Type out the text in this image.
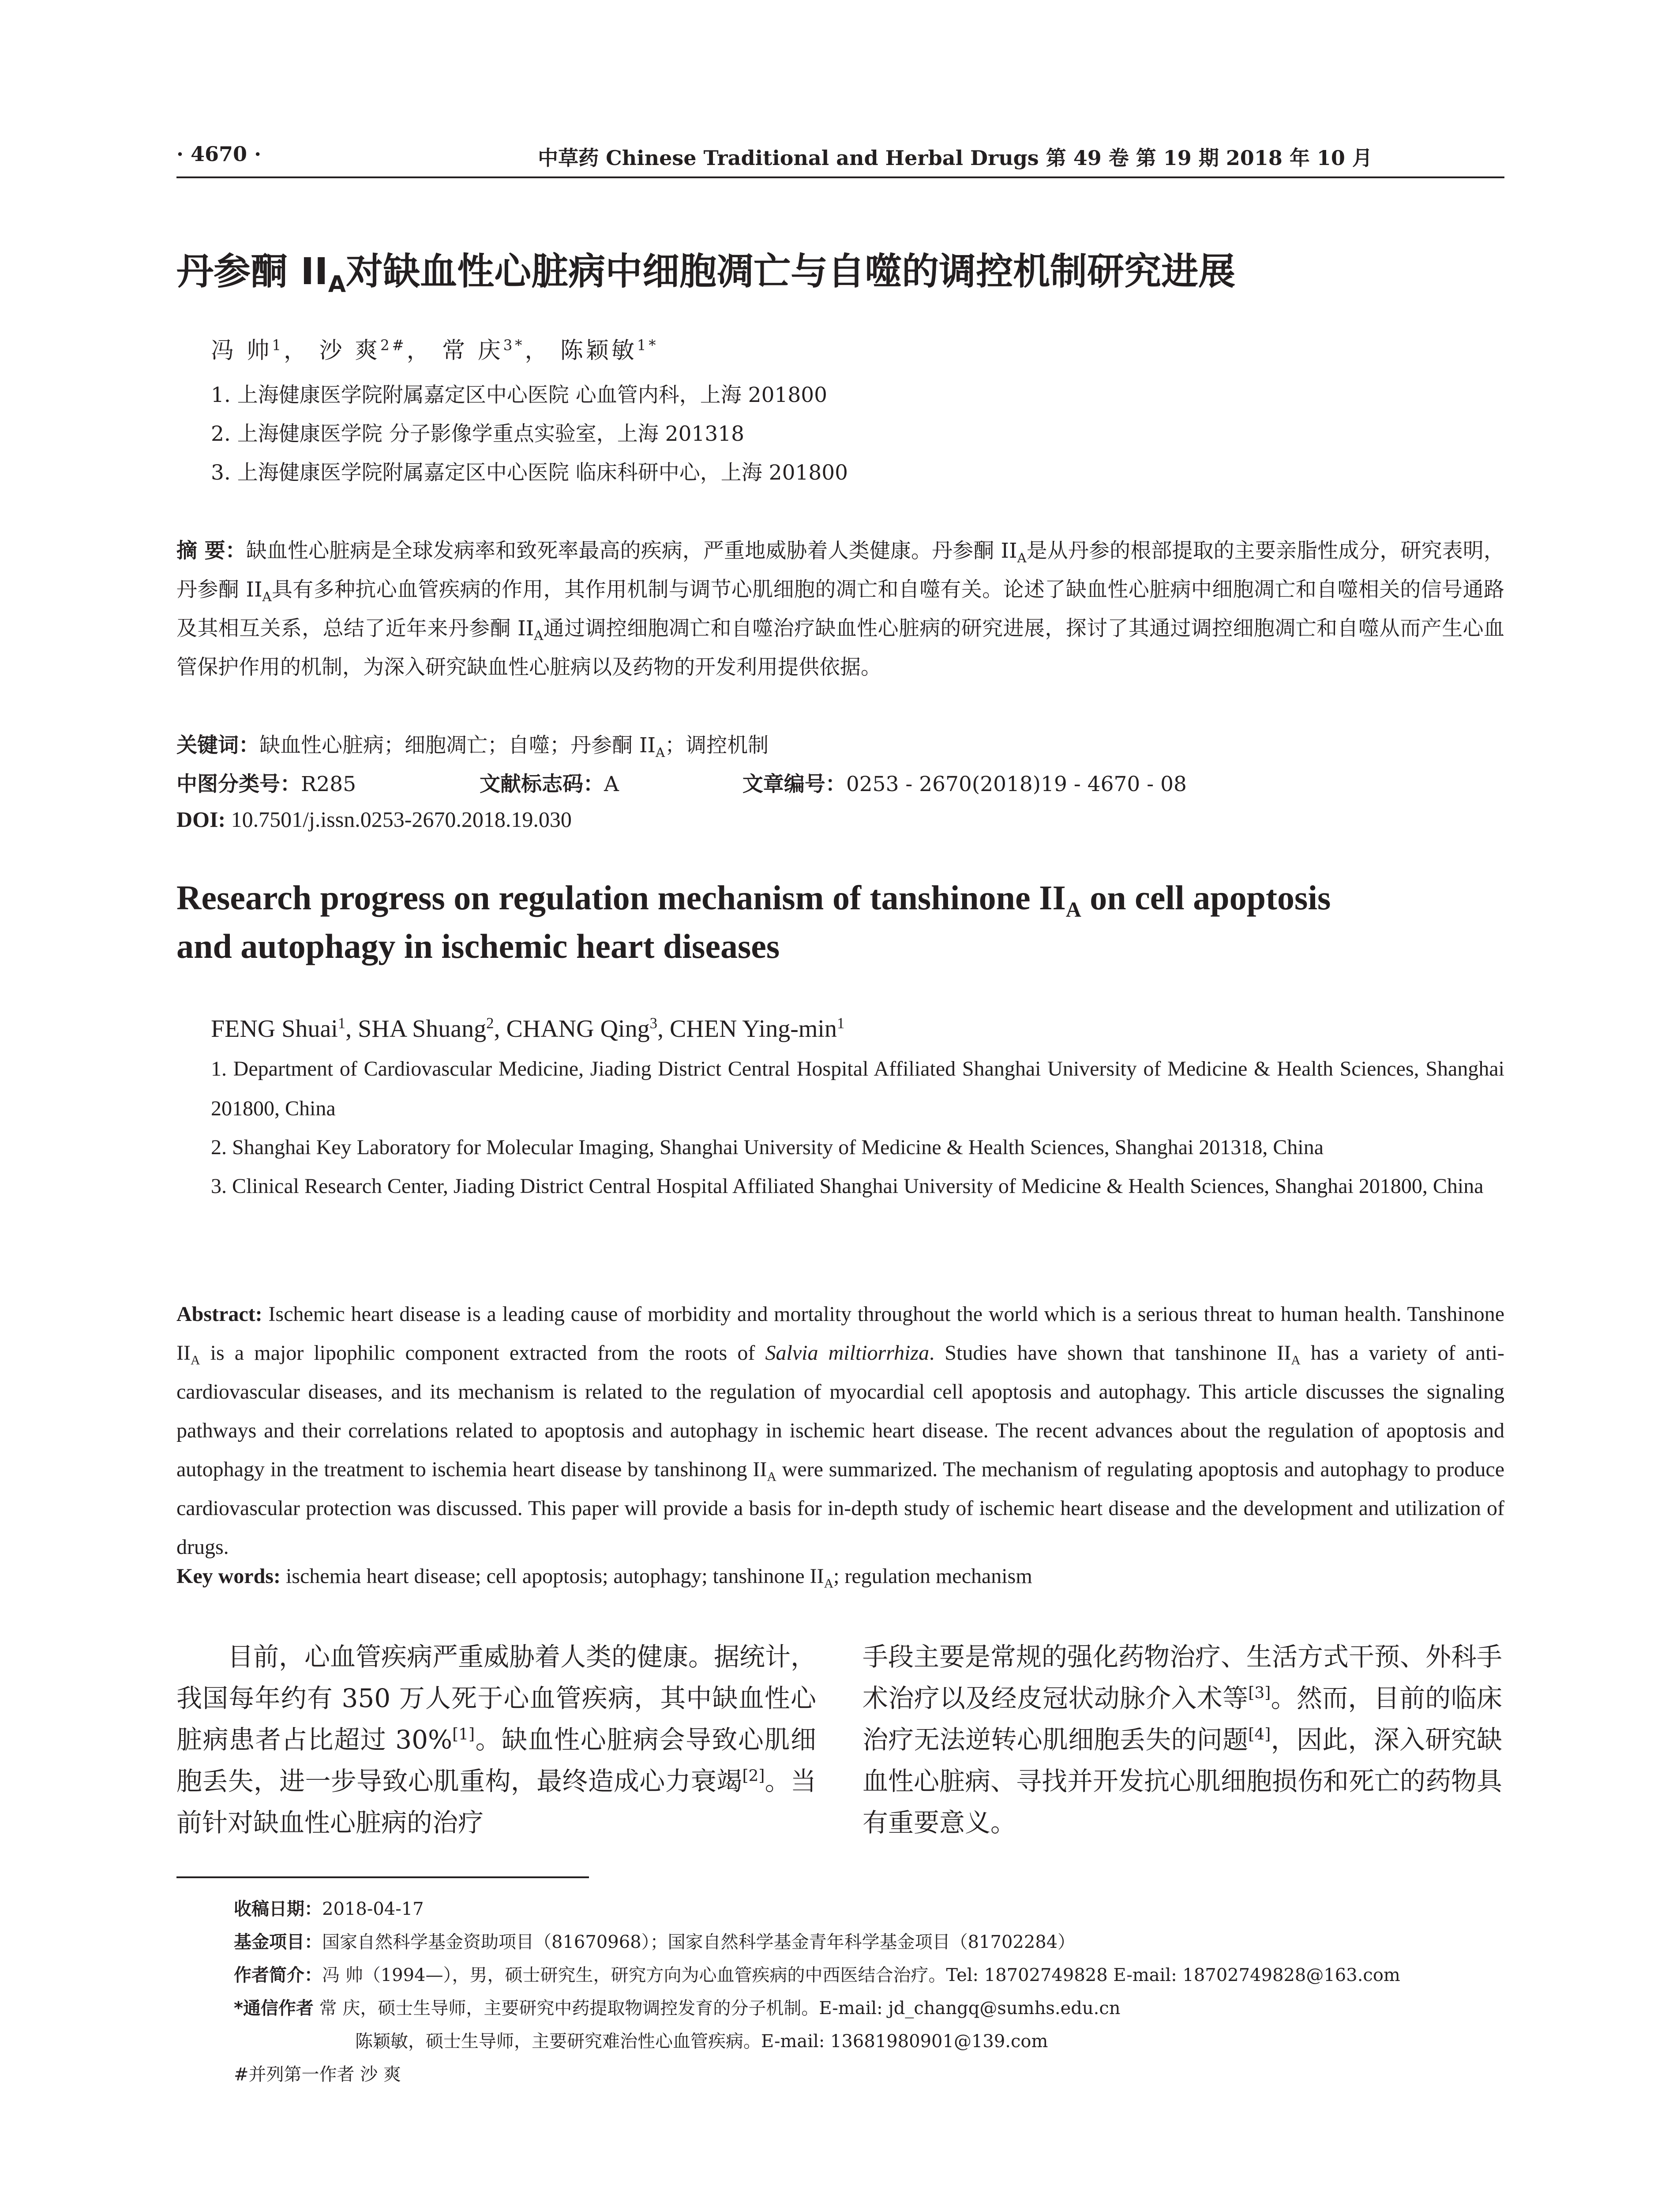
· 4670 ·	中草药 Chinese Traditional and Herbal Drugs 第 49 卷 第 19 期 2018 年 10 月
丹参酮 $II_A$对缺血性心脏病中细胞凋亡与自噬的调控机制研究进展
冯 帅$^1$， 沙 爽$^{2\#}$， 常 庆$^{3*}$， 陈颖敏$^{1*}$
1. 上海健康医学院附属嘉定区中心医院 心血管内科，上海 201800
2. 上海健康医学院 分子影像学重点实验室，上海 201318
3. 上海健康医学院附属嘉定区中心医院 临床科研中心，上海 201800
摘 要：缺血性心脏病是全球发病率和致死率最高的疾病，严重地威胁着人类健康。丹参酮 $II_A$是从丹参的根部提取的主要亲脂性成分，研究表明，丹参酮 $II_A$具有多种抗心血管疾病的作用，其作用机制与调节心肌细胞的凋亡和自噬有关。论述了缺血性心脏病中细胞凋亡和自噬相关的信号通路及其相互关系，总结了近年来丹参酮 $II_A$通过调控细胞凋亡和自噬治疗缺血性心脏病的研究进展，探讨了其通过调控细胞凋亡和自噬从而产生心血管保护作用的机制，为深入研究缺血性心脏病以及药物的开发利用提供依据。
关键词：缺血性心脏病；细胞凋亡；自噬；丹参酮 $II_A$；调控机制
中图分类号：R285	文献标志码：A	文章编号：0253 - 2670(2018)19 - 4670 - 08
DOI: 10.7501/j.issn.0253-2670.2018.19.030
Research progress on regulation mechanism of tanshinone $II_A$ on cell apoptosis
and autophagy in ischemic heart diseases
FENG Shuai$^1$, SHA Shuang$^2$, CHANG Qing$^3$, CHEN Ying-$\min^1$
1. Department of Cardiovascular Medicine, Jiading District Central Hospital Affiliated Shanghai University of Medicine & Health Sciences, Shanghai 201800, China
2. Shanghai Key Laboratory for Molecular Imaging, Shanghai University of Medicine & Health Sciences, Shanghai 201318, China
3. Clinical Research Center, Jiading District Central Hospital Affiliated Shanghai University of Medicine & Health Sciences, Shanghai 201800, China
Abstract: Ischemic heart disease is a leading cause of morbidity and mortality throughout the world which is a serious threat to human health. Tanshinone $II_A$ is a major lipophilic component extracted from the roots of Salvia miltiorrhiza. Studies have shown that tanshinone $II_A$ has a variety of anti-cardiovascular diseases, and its mechanism is related to the regulation of myocardial cell apoptosis and autophagy. This article discusses the signaling pathways and their correlations related to apoptosis and autophagy in ischemic heart disease. The recent advances about the regulation of apoptosis and autophagy in the treatment to ischemia heart disease by tanshinong $II_A$ were summarized. The mechanism of regulating apoptosis and autophagy to produce cardiovascular protection was discussed. This paper will provide a basis for in-depth study of ischemic heart disease and the development and utilization of drugs.
Key words: ischemia heart disease; cell apoptosis; autophagy; tanshinone $II_A$; regulation mechanism
目前，心血管疾病严重威胁着人类的健康。据统计，我国每年约有 350 万人死于心血管疾病，其中缺血性心脏病患者占比超过 30%[1]。缺血性心脏病会导致心肌细胞丢失，进一步导致心肌重构，最终造成心力衰竭[2]。当前针对缺血性心脏病的治疗
手段主要是常规的强化药物治疗、生活方式干预、外科手术治疗以及经皮冠状动脉介入术等[3]。然而，目前的临床治疗无法逆转心肌细胞丢失的问题[4]，因此，深入研究缺血性心脏病、寻找并开发抗心肌细胞损伤和死亡的药物具有重要意义。
收稿日期：2018-04-17
基金项目：国家自然科学基金资助项目（81670968）；国家自然科学基金青年科学基金项目（81702284）
作者简介：冯 帅（1994—），男，硕士研究生，研究方向为心血管疾病的中西医结合治疗。Tel: 18702749828 E-mail: 18702749828@163.com
*通信作者 常 庆，硕士生导师，主要研究中药提取物调控发育的分子机制。E-mail: jd_changq@sumhs.edu.cn
陈颖敏，硕士生导师，主要研究难治性心血管疾病。E-mail: 13681980901@139.com
#并列第一作者 沙 爽
